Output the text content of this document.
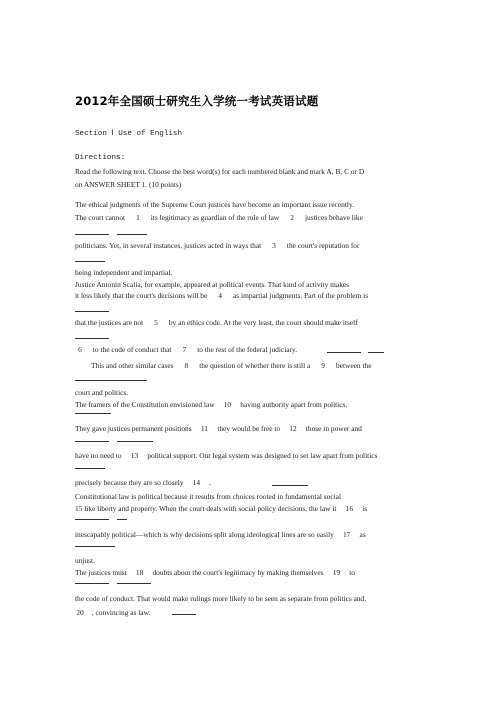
2012年全国硕士研究生入学统一考试英语试题
Section Ⅰ Use of English
Directions:
Read the following text. Choose the best word(s) for each numbered blank and mark A, B, C or D
on ANSWER SHEET 1. (10 points)
The ethical judgments of the Supreme Court justices have become an important issue recently.
The court cannot 1 its legitimacy as guardian of the rule of law 2 justices behave like
politicians. Yet, in several instances, justices acted in ways that 3 the court's reputation for
being independent and impartial.
Justice Antonin Scalia, for example, appeared at political events. That kind of activity makes
it less likely that the court's decisions will be 4 as impartial judgments. Part of the problem is
that the justices are not 5 by an ethics code. At the very least, the court should make itself
6 to the code of conduct that 7 to the rest of the federal judiciary.
This and other similar cases 8 the question of whether there is still a 9 between the
court and politics.
The framers of the Constitution envisioned law 10 having authority apart from politics.
They gave justices permanent positions 11 they would be free to 12 those in power and
have no need to 13 political support. Our legal system was designed to set law apart from politics
precisely because they are so closely 14 .
Constitutional law is political because it results from choices rooted in fundamental social
15 like liberty and property. When the court deals with social policy decisions, the law it 16 is
inescapably political—which is why decisions split along ideological lines are so easily 17 as
unjust.
The justices must 18 doubts about the court's legitimacy by making themselves 19 to
the code of conduct. That would make rulings more likely to be seen as separate from politics and,
20 , convincing as law.
